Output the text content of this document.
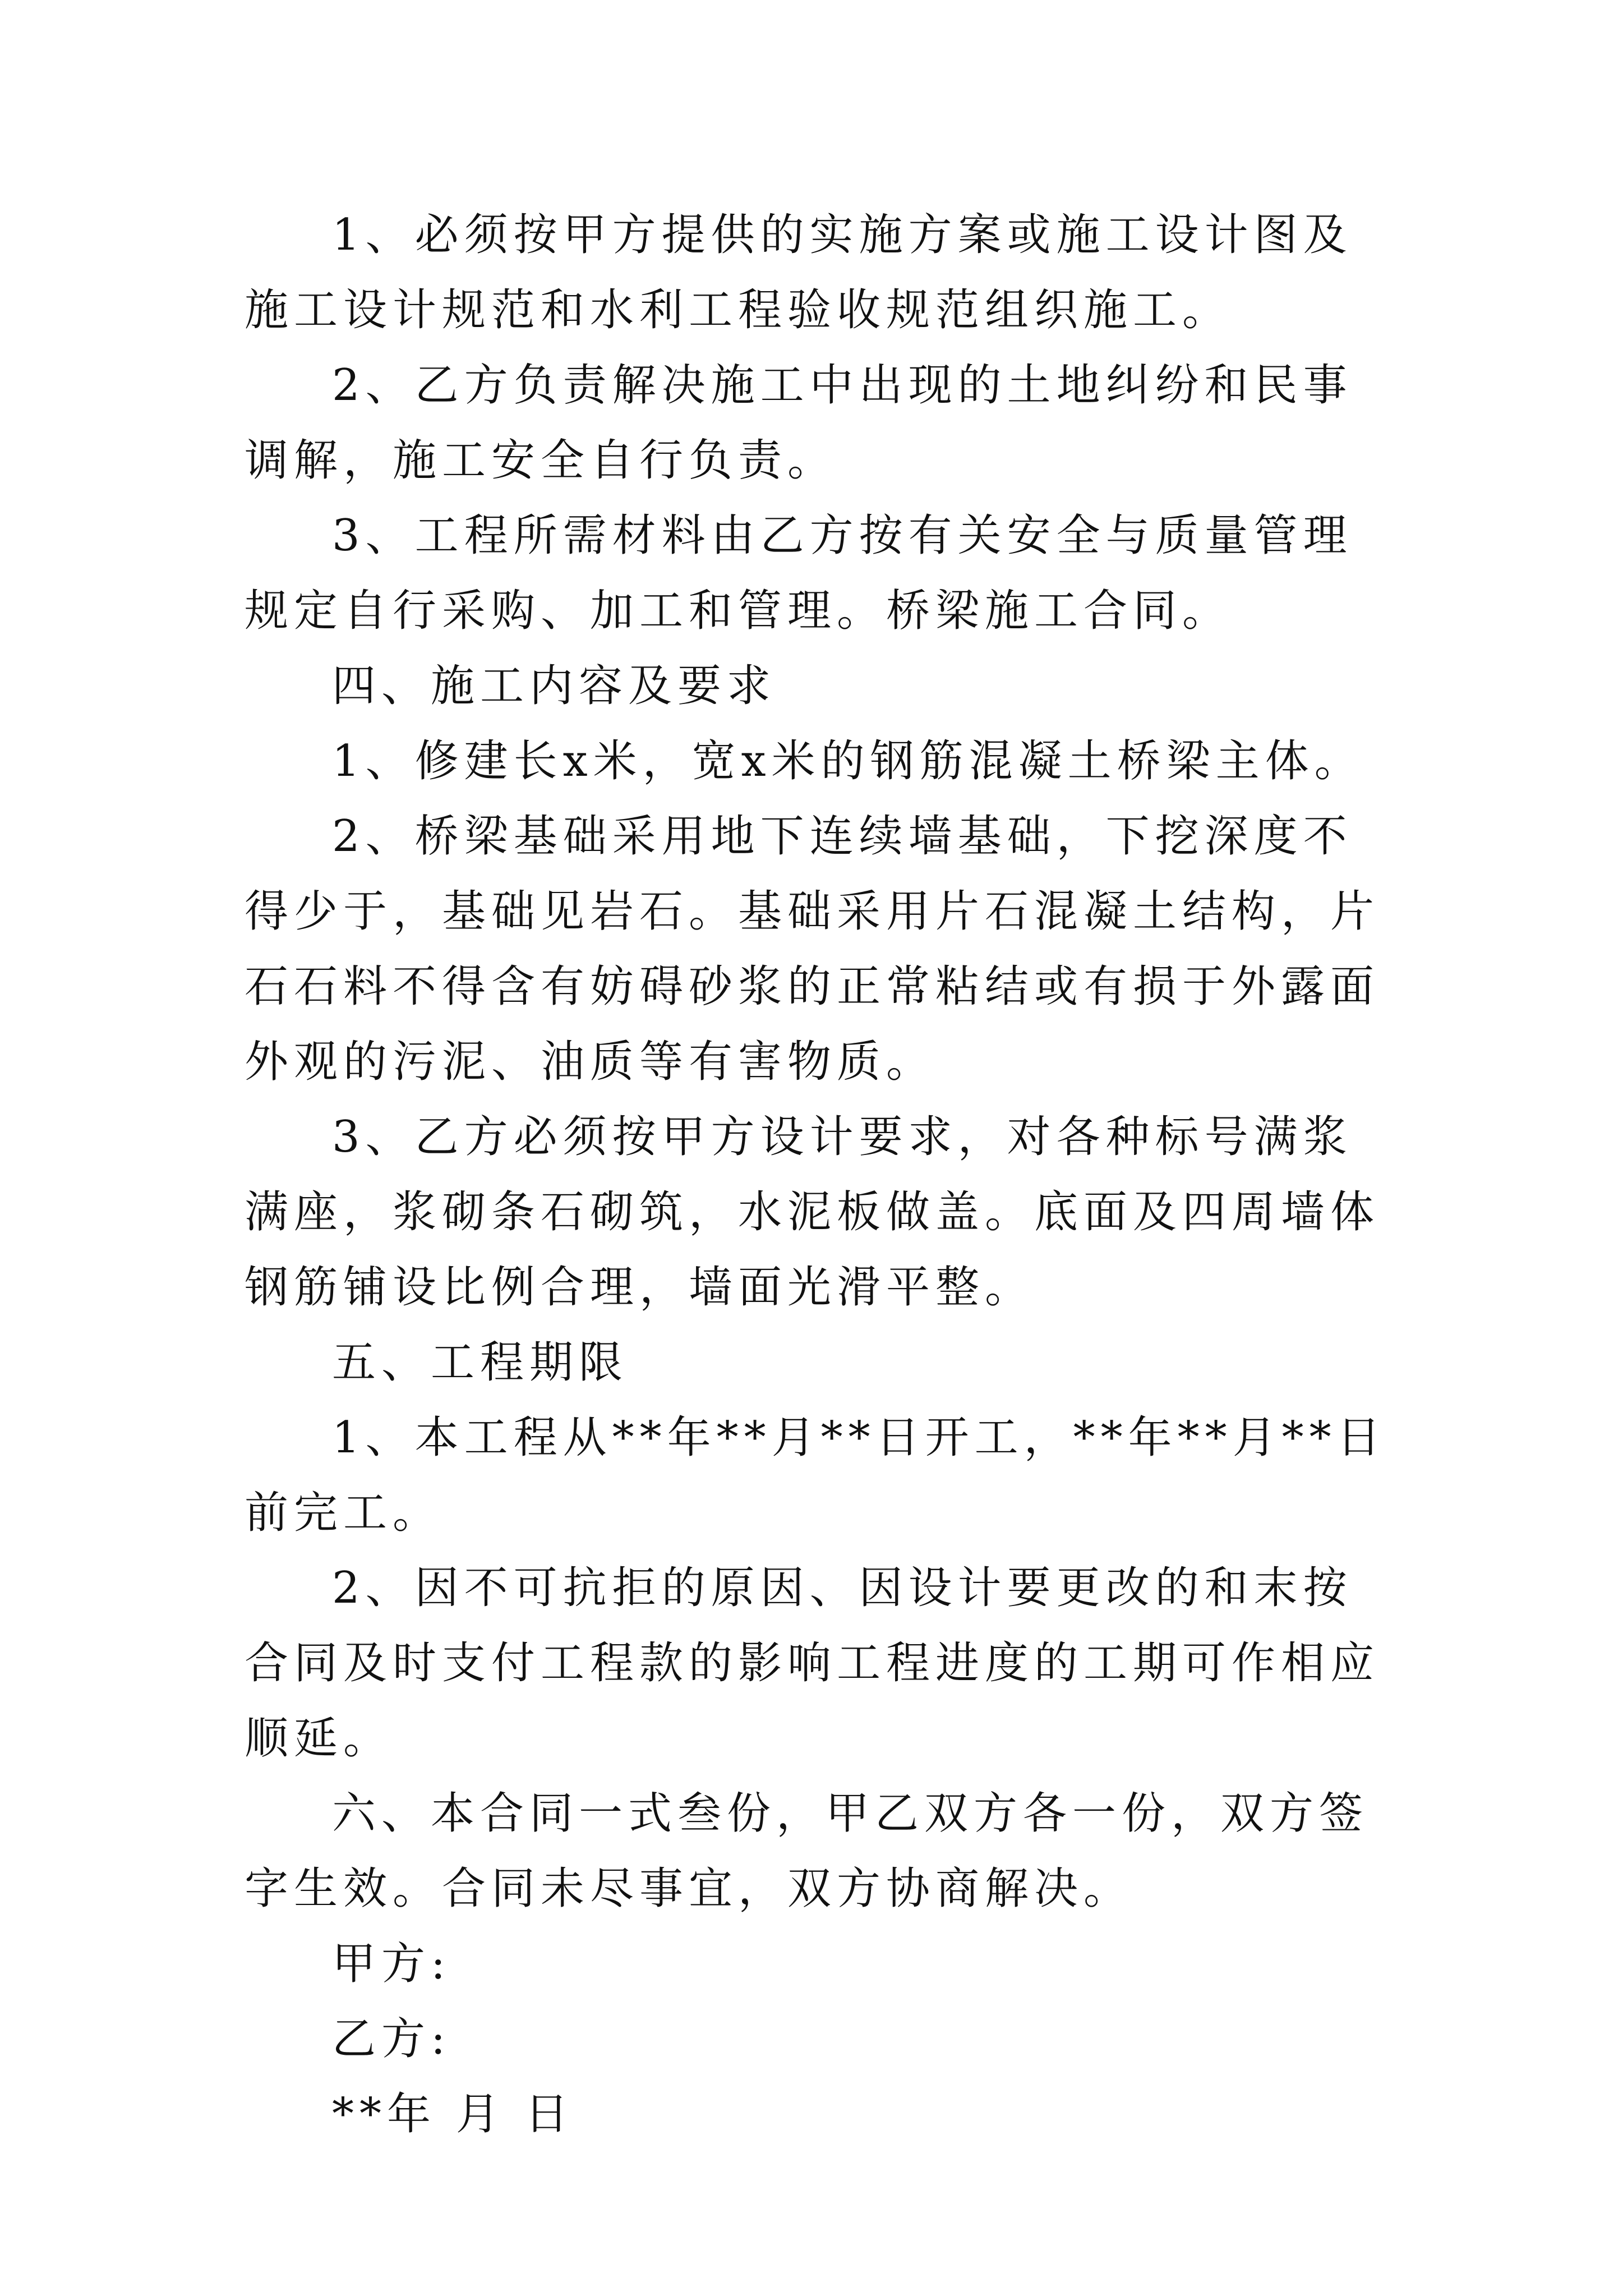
1、必须按甲方提供的实施方案或施工设计图及施工设计规范和水利工程验收规范组织施工。

2、乙方负责解决施工中出现的土地纠纷和民事调解，施工安全自行负责。

3、工程所需材料由乙方按有关安全与质量管理规定自行采购、加工和管理。桥梁施工合同。

四、施工内容及要求

1、修建长x米，宽x米的钢筋混凝土桥梁主体。

2、桥梁基础采用地下连续墙基础，下挖深度不得少于，基础见岩石。基础采用片石混凝土结构，片石石料不得含有妨碍砂浆的正常粘结或有损于外露面外观的污泥、油质等有害物质。

3、乙方必须按甲方设计要求，对各种标号满浆满座，浆砌条石砌筑，水泥板做盖。底面及四周墙体钢筋铺设比例合理，墙面光滑平整。

五、工程期限

1、本工程从**年**月**日开工，**年**月**日前完工。

2、因不可抗拒的原因、因设计要更改的和末按合同及时支付工程款的影响工程进度的工期可作相应顺延。

六、本合同一式叁份，甲乙双方各一份，双方签字生效。合同未尽事宜，双方协商解决。

甲方:

乙方:

**年 月 日
